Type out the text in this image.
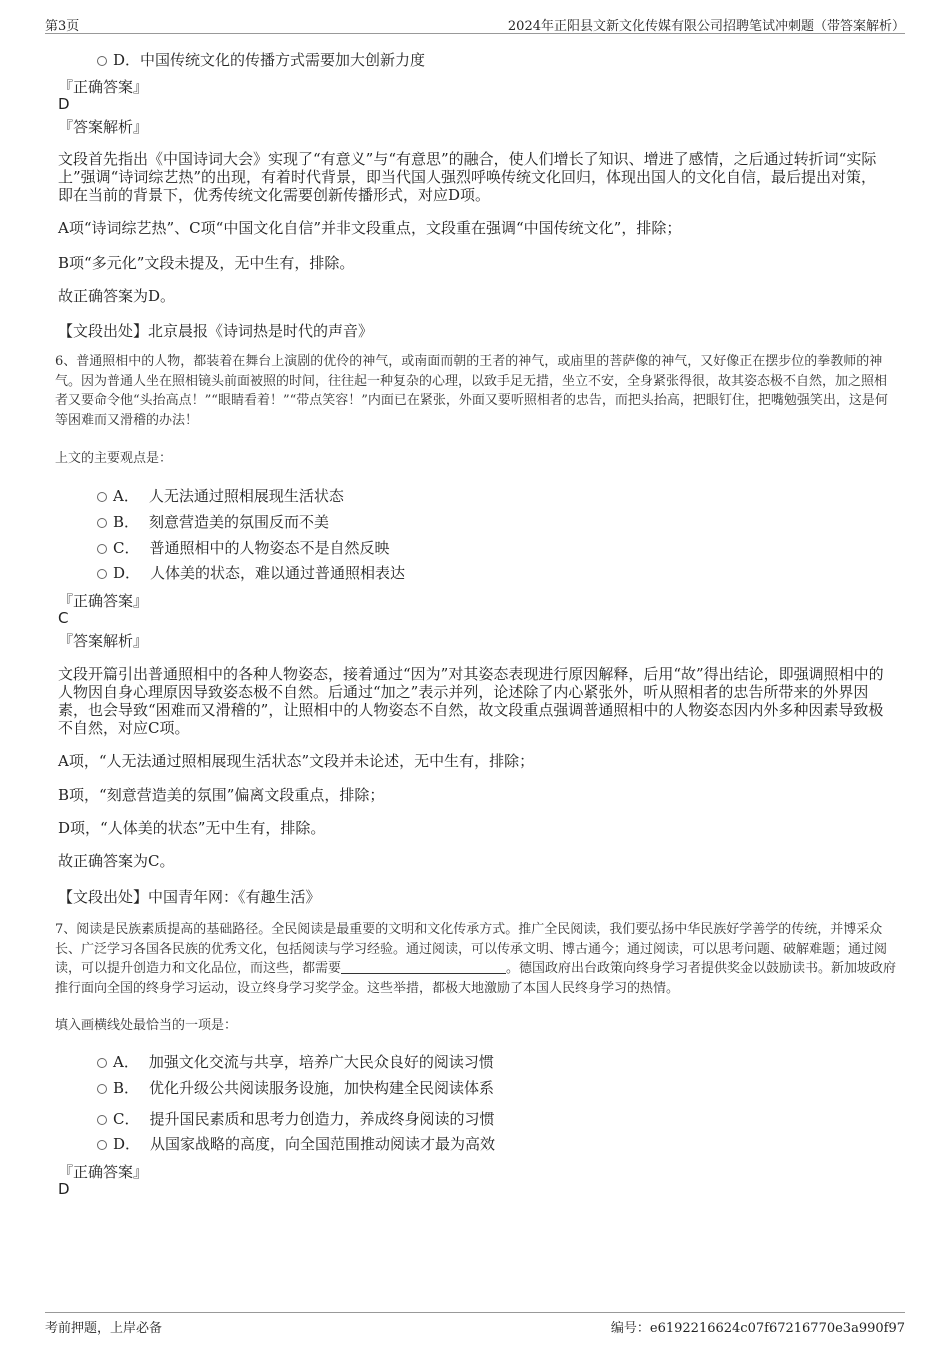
第3页	2024年正阳县文新文化传媒有限公司招聘笔试冲刺题（带答案解析）
D．中国传统文化的传播方式需要加大创新力度
『正确答案』
D
『答案解析』
文段首先指出《中国诗词大会》实现了“有意义”与“有意思”的融合，使人们增长了知识、增进了感情，之后通过转折词“实际上”强调“诗词综艺热”的出现，有着时代背景，即当代国人强烈呼唤传统文化回归，体现出国人的文化自信，最后提出对策，即在当前的背景下，优秀传统文化需要创新传播形式，对应D项。
A项“诗词综艺热”、C项“中国文化自信”并非文段重点，文段重在强调“中国传统文化”，排除；
B项“多元化”文段未提及，无中生有，排除。
故正确答案为D。
【文段出处】北京晨报《诗词热是时代的声音》
6、普通照相中的人物，都装着在舞台上演剧的优伶的神气，或南面而朝的王者的神气，或庙里的菩萨像的神气，又好像正在摆步位的拳教师的神气。因为普通人坐在照相镜头前面被照的时间，往往起一种复杂的心理，以致手足无措，坐立不安，全身紧张得很，故其姿态极不自然，加之照相者又要命令他“头抬高点！”“眼睛看着！”“带点笑容！”内面已在紧张，外面又要听照相者的忠告，而把头抬高，把眼钉住，把嘴勉强笑出，这是何等困难而又滑稽的办法！
上文的主要观点是：
A． 人无法通过照相展现生活状态
B． 刻意营造美的氛围反而不美
C． 普通照相中的人物姿态不是自然反映
D． 人体美的状态，难以通过普通照相表达
『正确答案』
C
『答案解析』
文段开篇引出普通照相中的各种人物姿态，接着通过“因为”对其姿态表现进行原因解释，后用“故”得出结论，即强调照相中的人物因自身心理原因导致姿态极不自然。后通过“加之”表示并列，论述除了内心紧张外，听从照相者的忠告所带来的外界因素，也会导致“困难而又滑稽的”，让照相中的人物姿态不自然，故文段重点强调普通照相中的人物姿态因内外多种因素导致极不自然，对应C项。
A项，“人无法通过照相展现生活状态”文段并未论述，无中生有，排除；
B项，“刻意营造美的氛围”偏离文段重点，排除；
D项，“人体美的状态”无中生有，排除。
故正确答案为C。
【文段出处】中国青年网：《有趣生活》
7、阅读是民族素质提高的基础路径。全民阅读是最重要的文明和文化传承方式。推广全民阅读，我们要弘扬中华民族好学善学的传统，并博采众长、广泛学习各国各民族的优秀文化，包括阅读与学习经验。通过阅读，可以传承文明、博古通今；通过阅读，可以思考问题、破解难题；通过阅读，可以提升创造力和文化品位，而这些，都需要	。德国政府出台政策向终身学习者提供奖金以鼓励读书。新加坡政府推行面向全国的终身学习运动，设立终身学习奖学金。这些举措，都极大地激励了本国人民终身学习的热情。
填入画横线处最恰当的一项是：
A． 加强文化交流与共享，培养广大民众良好的阅读习惯
B． 优化升级公共阅读服务设施，加快构建全民阅读体系
C． 提升国民素质和思考力创造力，养成终身阅读的习惯
D． 从国家战略的高度，向全国范围推动阅读才最为高效
『正确答案』
D
考前押题，上岸必备	编号：e6192216624c07f67216770e3a990f97
